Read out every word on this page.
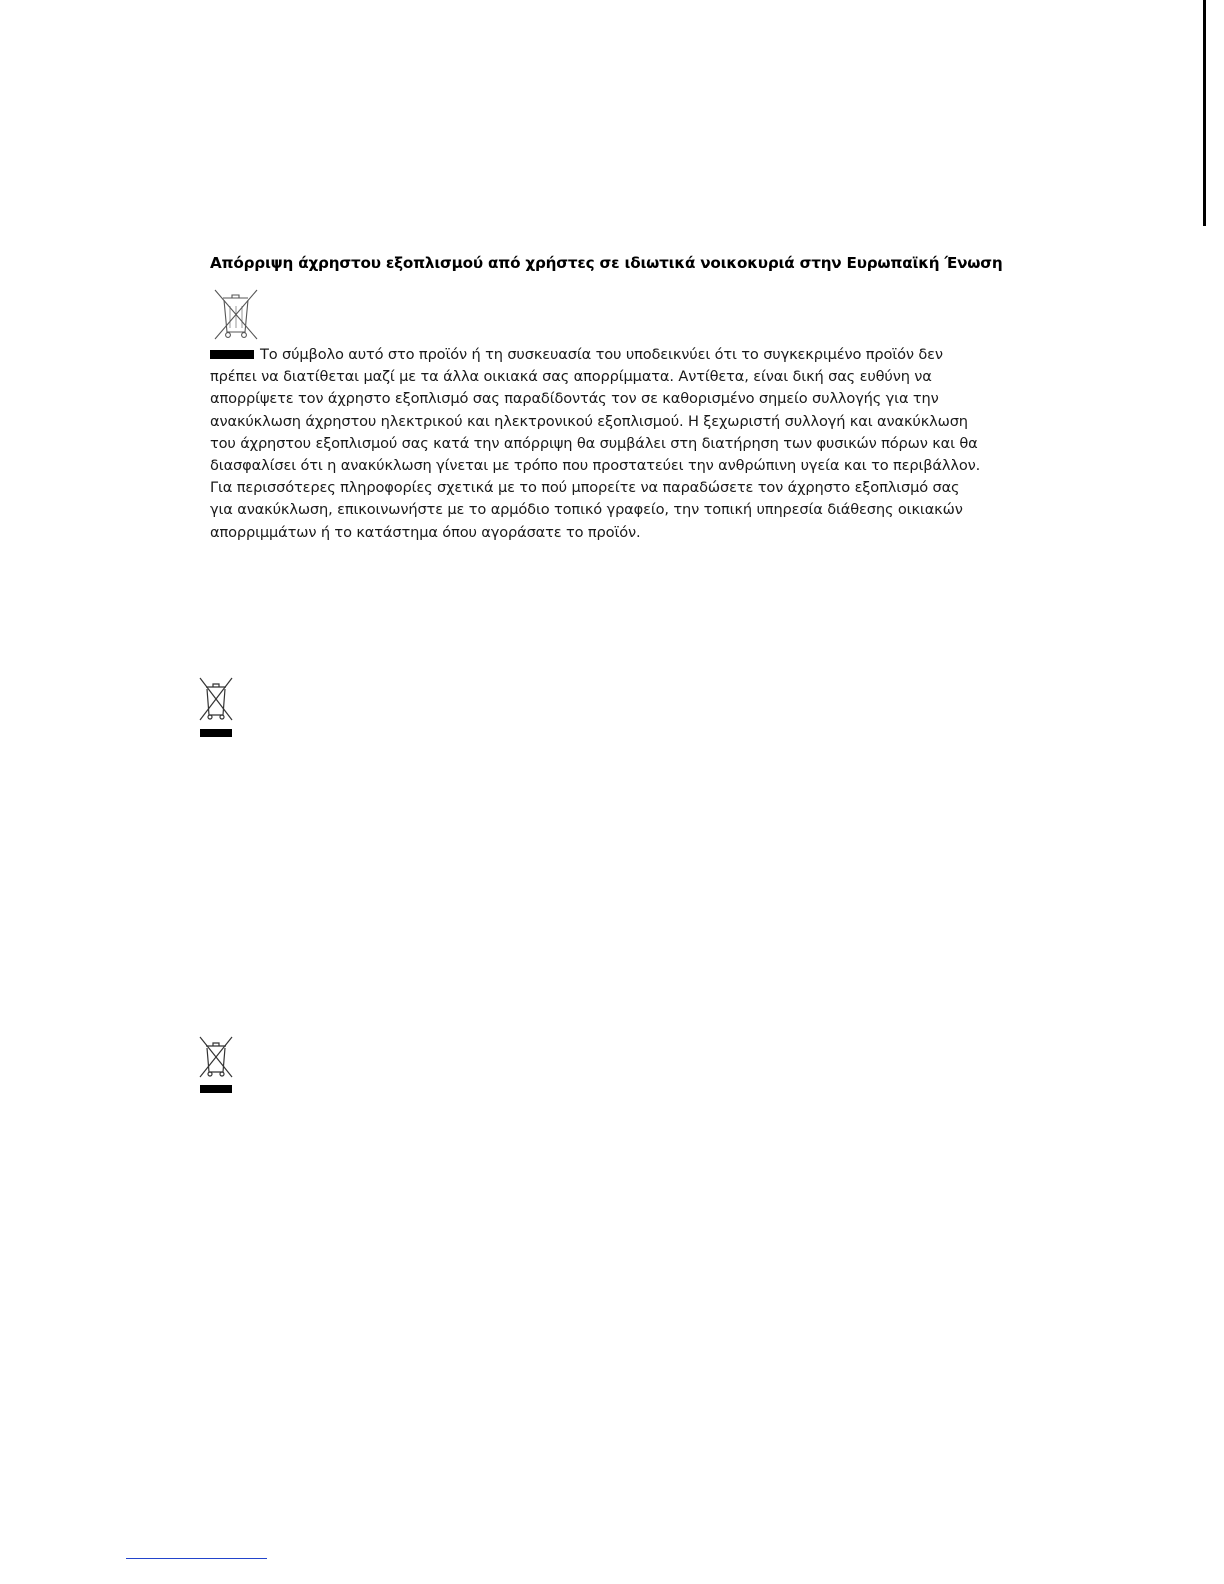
Απόρριψη άχρηστου εξοπλισμού από χρήστες σε ιδιωτικά νοικοκυριά στην Ευρωπαϊκή Ένωση
Το σύμβολο αυτό στο προϊόν ή τη συσκευασία του υποδεικνύει ότι το συγκεκριμένο προϊόν δεν
πρέπει να διατίθεται μαζί με τα άλλα οικιακά σας απορρίμματα. Αντίθετα, είναι δική σας ευθύνη να
απορρίψετε τον άχρηστο εξοπλισμό σας παραδίδοντάς τον σε καθορισμένο σημείο συλλογής για την
ανακύκλωση άχρηστου ηλεκτρικού και ηλεκτρονικού εξοπλισμού. Η ξεχωριστή συλλογή και ανακύκλωση
του άχρηστου εξοπλισμού σας κατά την απόρριψη θα συμβάλει στη διατήρηση των φυσικών πόρων και θα
διασφαλίσει ότι η ανακύκλωση γίνεται με τρόπο που προστατεύει την ανθρώπινη υγεία και το περιβάλλον.
Για περισσότερες πληροφορίες σχετικά με το πού μπορείτε να παραδώσετε τον άχρηστο εξοπλισμό σας
για ανακύκλωση, επικοινωνήστε με το αρμόδιο τοπικό γραφείο, την τοπική υπηρεσία διάθεσης οικιακών
απορριμμάτων ή το κατάστημα όπου αγοράσατε το προϊόν.
